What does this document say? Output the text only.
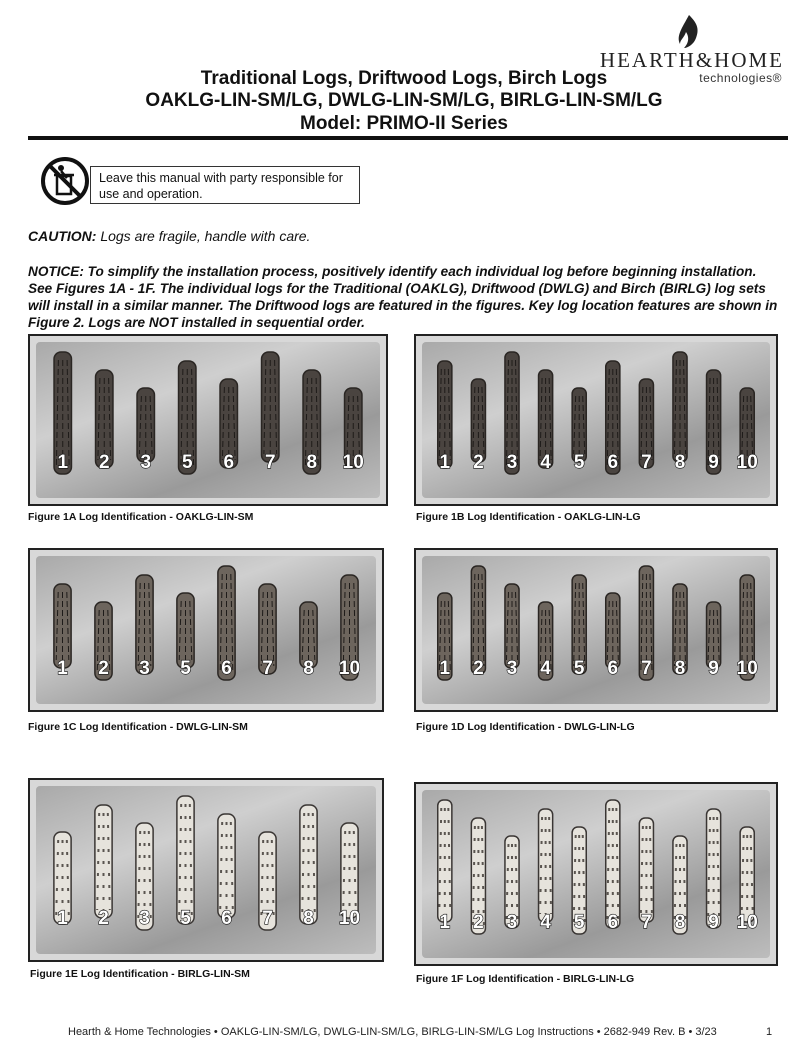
HEARTH&HOME
technologies®
Traditional Logs, Driftwood Logs, Birch Logs
OAKLG-LIN-SM/LG, DWLG-LIN-SM/LG, BIRLG-LIN-SM/LG
Model: PRIMO-II Series
Leave this manual with party responsible for use and operation.
CAUTION: Logs are fragile, handle with care.
NOTICE: To simplify the installation process, positively identify each individual log before beginning installation. See Figures 1A - 1F. The individual logs for the Traditional (OAKLG), Driftwood (DWLG) and Birch (BIRLG) log sets will install in a similar manner. The Driftwood logs are featured in the figures. Key log location features are shown in Figure 2. Logs are NOT installed in sequential order.
1 2 3 5 6 7 8 10
Figure 1A Log Identification - OAKLG-LIN-SM
1 2 3 4 5 6 7 8 9 10
Figure 1B Log Identification - OAKLG-LIN-LG
1 2 3 5 6 7 8 10
Figure 1C Log Identification - DWLG-LIN-SM
1 2 3 4 5 6 7 8 9 10
Figure 1D Log Identification - DWLG-LIN-LG
1 2 3 5 6 7 8 10
Figure 1E Log Identification - BIRLG-LIN-SM
1 2 3 4 5 6 7 8 9 10
Figure 1F Log Identification - BIRLG-LIN-LG
Hearth & Home Technologies • OAKLG-LIN-SM/LG, DWLG-LIN-SM/LG, BIRLG-LIN-SM/LG Log Instructions • 2682-949 Rev. B • 3/23	1
